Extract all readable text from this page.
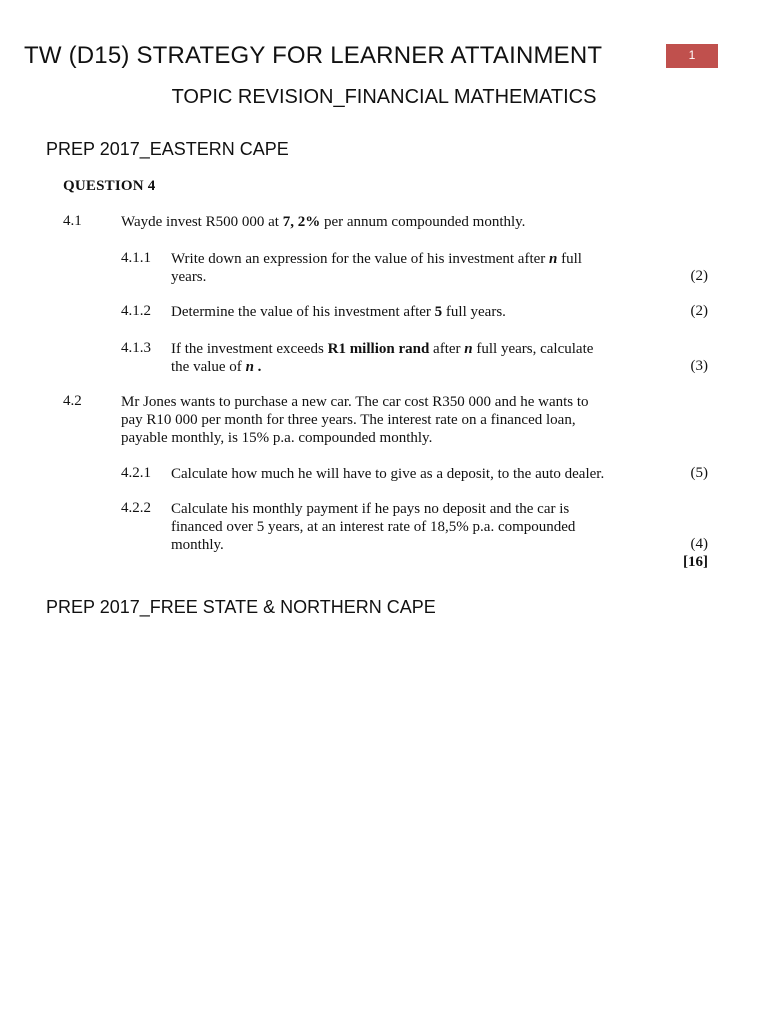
TW (D15) STRATEGY FOR LEARNER ATTAINMENT	1
TOPIC REVISION_FINANCIAL MATHEMATICS
PREP 2017_EASTERN CAPE
QUESTION 4
4.1	Wayde invest R500 000 at 7, 2% per annum compounded monthly.
4.1.1 Write down an expression for the value of his investment after n full
years.	(2)
4.1.2 Determine the value of his investment after 5 full years.	(2)
4.1.3 If the investment exceeds R1 million rand after n full years, calculate
the value of n .	(3)
4.2	Mr Jones wants to purchase a new car. The car cost R350 000 and he wants to
pay R10 000 per month for three years. The interest rate on a financed loan,
payable monthly, is 15% p.a. compounded monthly.
4.2.1 Calculate how much he will have to give as a deposit, to the auto dealer.	(5)
4.2.2 Calculate his monthly payment if he pays no deposit and the car is
financed over 5 years, at an interest rate of 18,5% p.a. compounded
monthly.	(4)
[16]
PREP 2017_FREE STATE & NORTHERN CAPE
